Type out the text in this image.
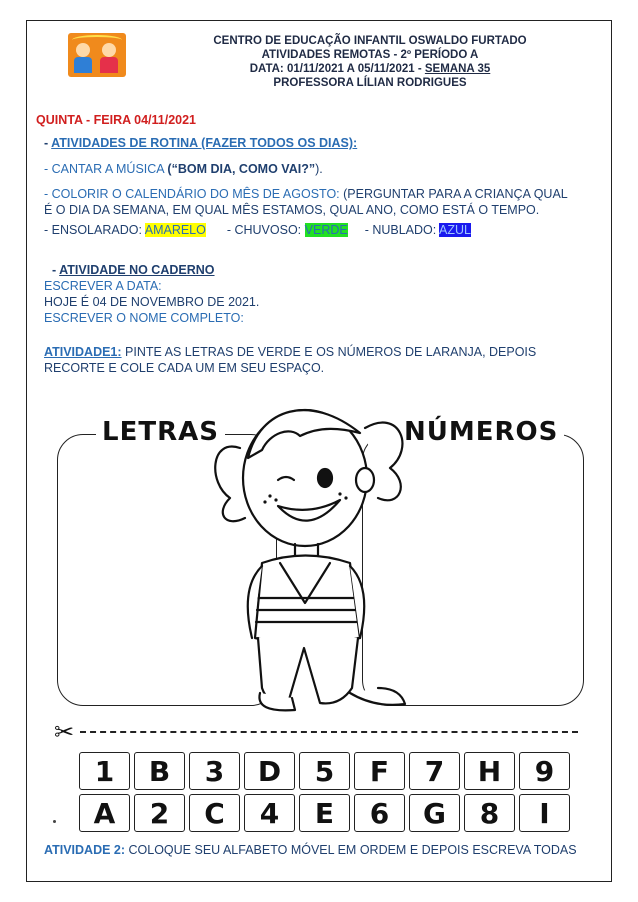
CENTRO DE EDUCAÇÃO INFANTIL OSWALDO FURTADO
ATIVIDADES REMOTAS - 2º PERÍODO A
DATA: 01/11/2021 A 05/11/2021 - SEMANA 35
PROFESSORA LÍLIAN RODRIGUES
QUINTA - FEIRA 04/11/2021
- ATIVIDADES DE ROTINA (FAZER TODOS OS DIAS):
- CANTAR A MÚSICA (“BOM DIA, COMO VAI?”).
- COLORIR O CALENDÁRIO DO MÊS DE AGOSTO: (PERGUNTAR PARA A CRIANÇA QUAL
É O DIA DA SEMANA, EM QUAL MÊS ESTAMOS, QUAL ANO, COMO ESTÁ O TEMPO.
- ENSOLARADO: AMARELO - CHUVOSO: VERDE - NUBLADO: AZUL
- ATIVIDADE NO CADERNO
ESCREVER A DATA:
HOJE É 04 DE NOVEMBRO DE 2021.
ESCREVER O NOME COMPLETO:
ATIVIDADE1: PINTE AS LETRAS DE VERDE E OS NÚMEROS DE LARANJA, DEPOIS
RECORTE E COLE CADA UM EM SEU ESPAÇO.
LETRAS	NÚMEROS
✂
1	B	3	D	5	F	7	H	9
A	2	C	4	E	6	G	8	I
ATIVIDADE 2: COLOQUE SEU ALFABETO MÓVEL EM ORDEM E DEPOIS ESCREVA TODAS
